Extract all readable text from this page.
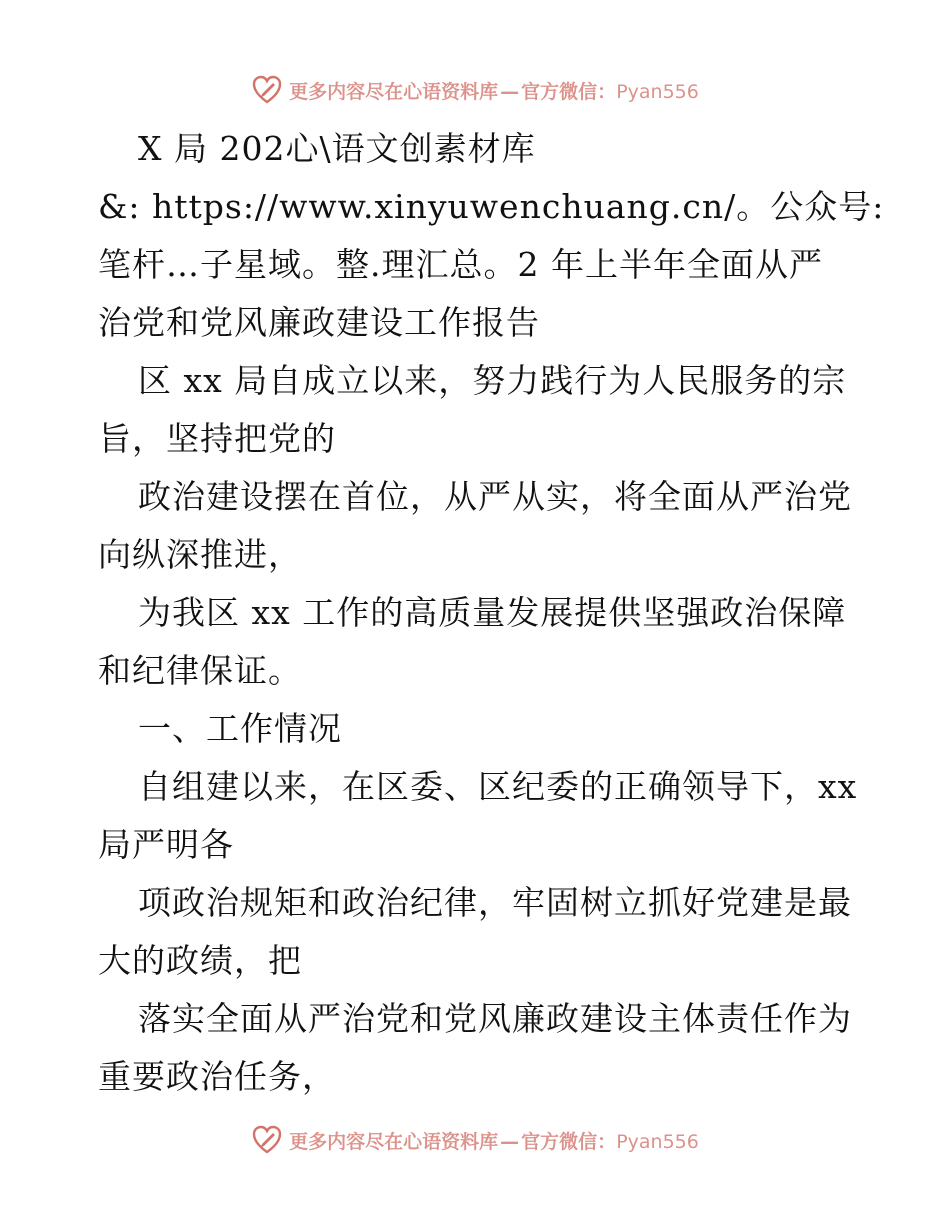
更多内容尽在心语资料库 — 官方微信：Pyan556
X 局 202心\语文创素材库
&: https://www.xinyuwenchuang.cn/。公众号:
笔杆…子星域。整.理汇总。2 年上半年全面从严
治党和党风廉政建设工作报告
区 xx 局自成立以来，努力践行为人民服务的宗
旨，坚持把党的
政治建设摆在首位，从严从实，将全面从严治党
向纵深推进，
为我区 xx 工作的高质量发展提供坚强政治保障
和纪律保证。
一、工作情况
自组建以来，在区委、区纪委的正确领导下，xx
局严明各
项政治规矩和政治纪律，牢固树立抓好党建是最
大的政绩，把
落实全面从严治党和党风廉政建设主体责任作为
重要政治任务，
更多内容尽在心语资料库 — 官方微信：Pyan556
